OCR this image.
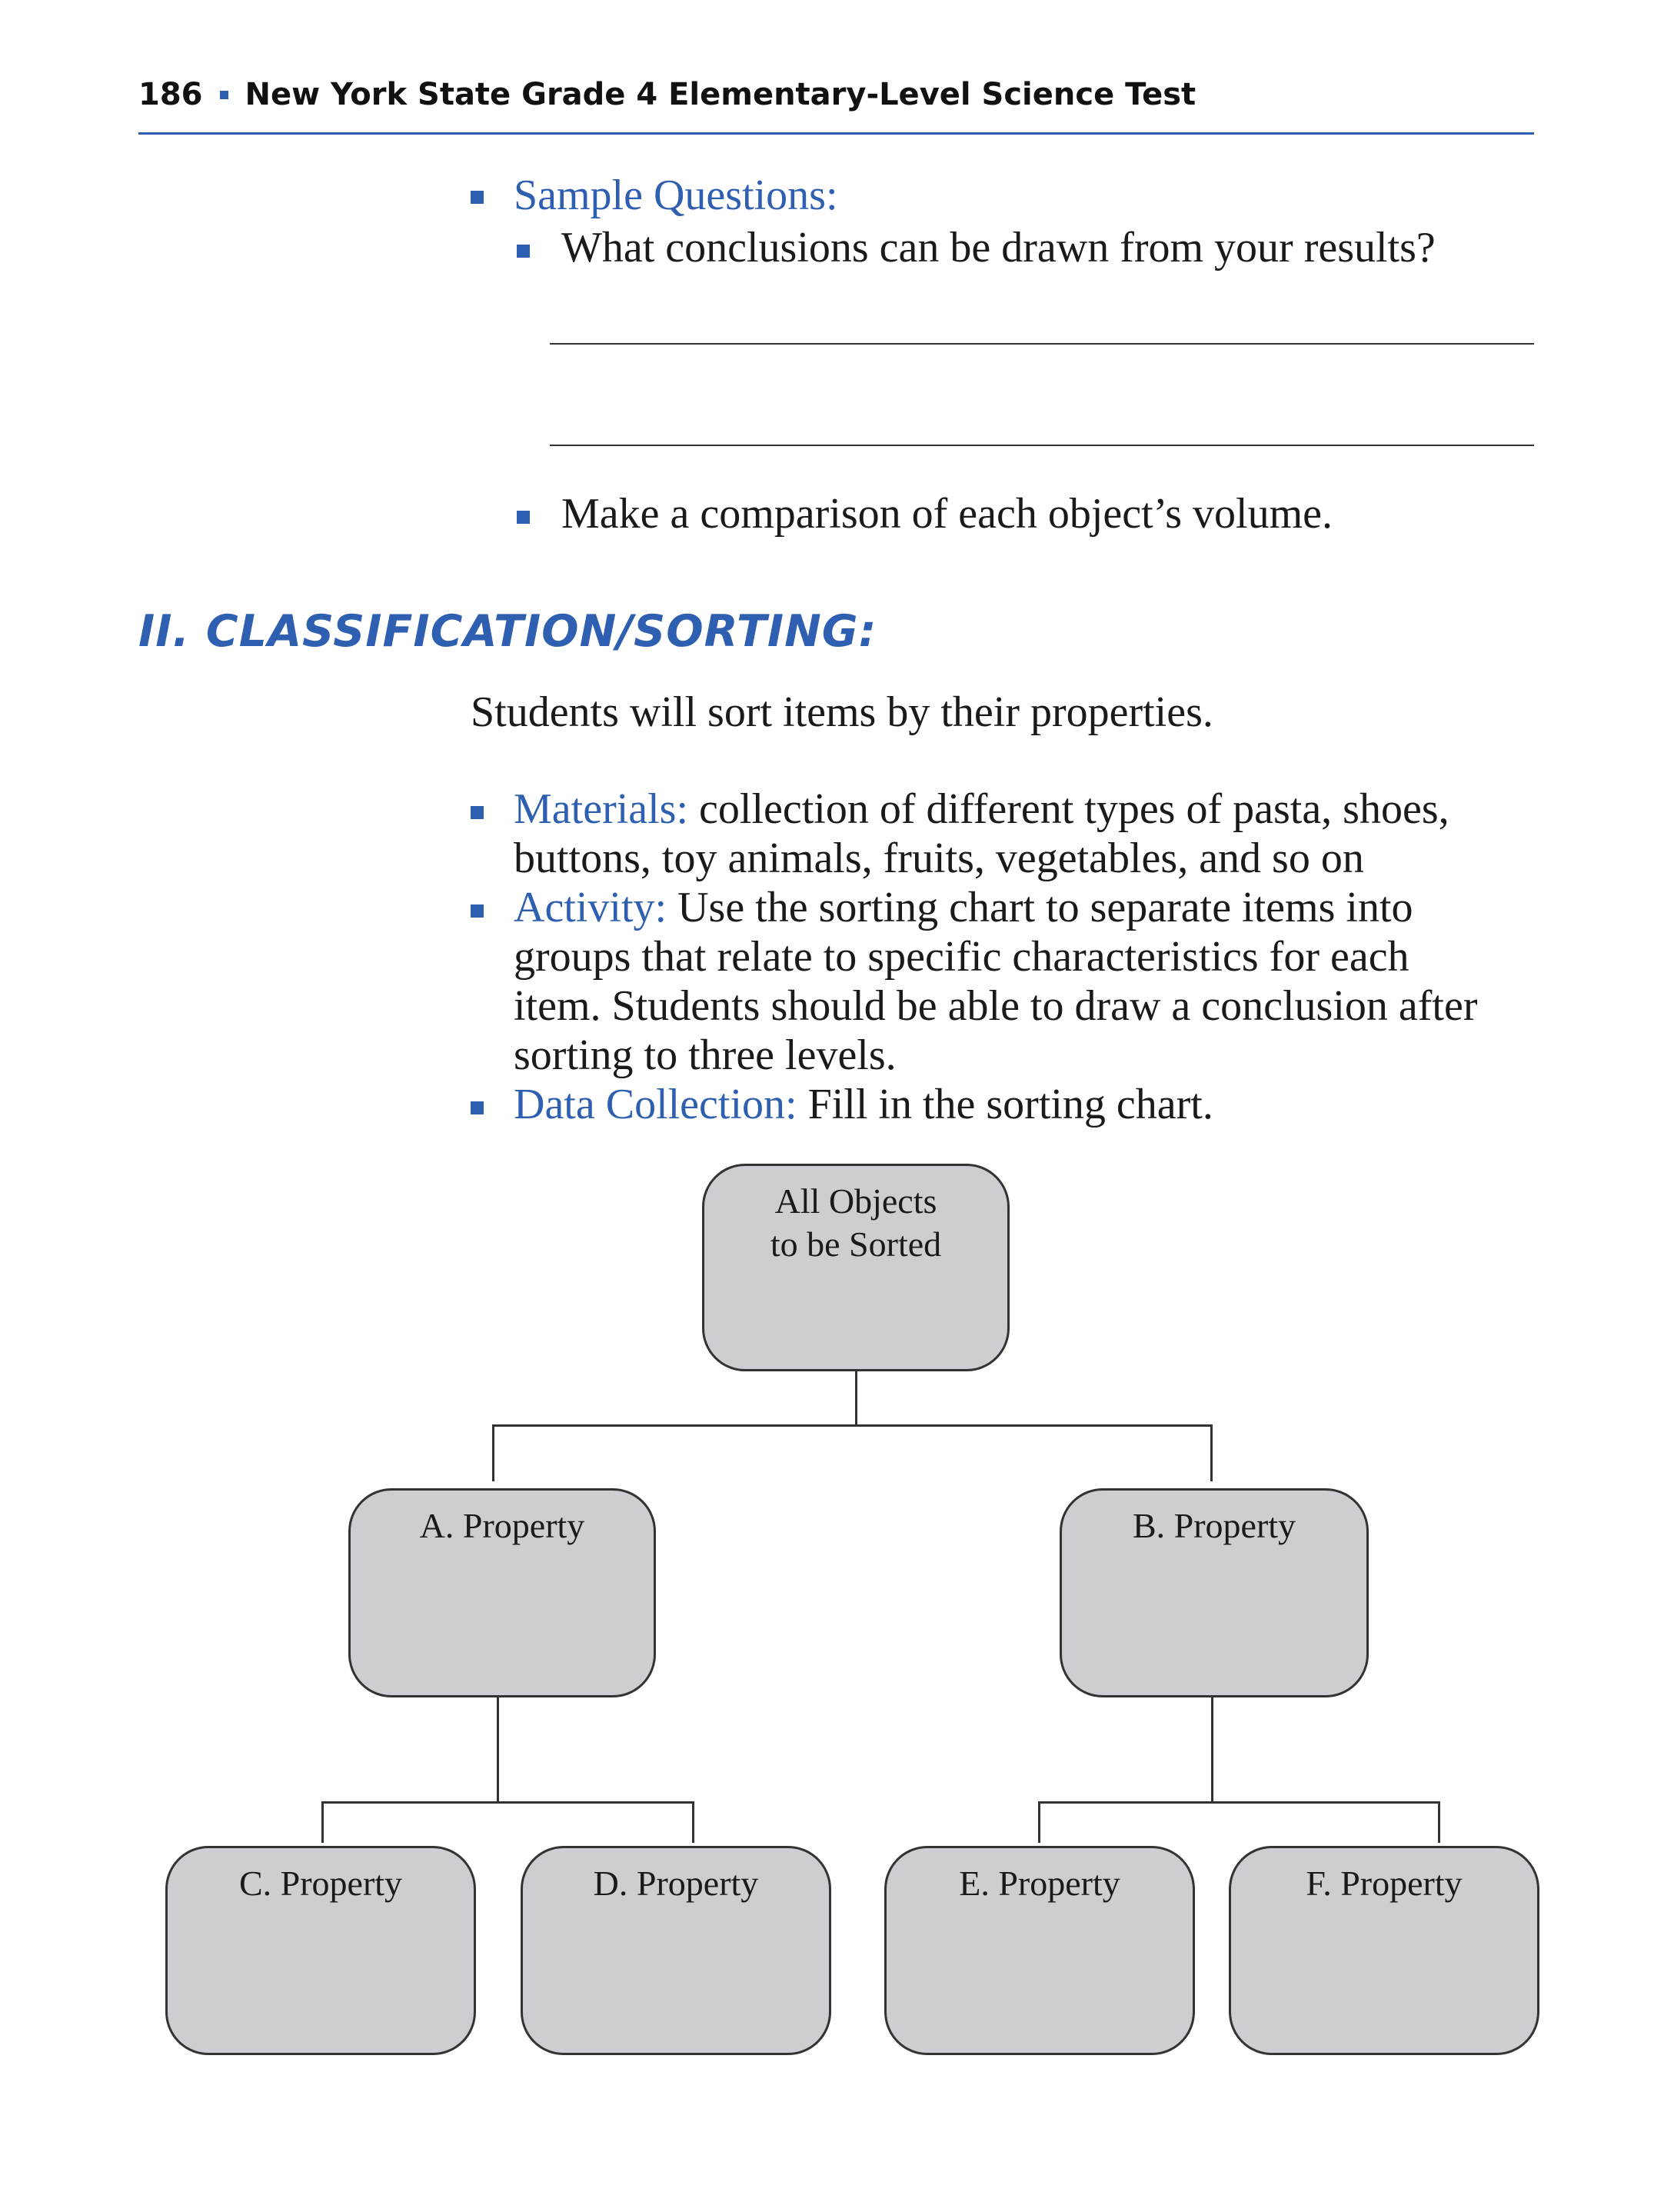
186 New York State Grade 4 Elementary-Level Science Test
Sample Questions:
What conclusions can be drawn from your results?
Make a comparison of each object’s volume.
II. CLASSIFICATION/SORTING:
Students will sort items by their properties.
Materials: collection of different types of pasta, shoes,
buttons, toy animals, fruits, vegetables, and so on
Activity: Use the sorting chart to separate items into
groups that relate to specific characteristics for each
item. Students should be able to draw a conclusion after
sorting to three levels.
Data Collection: Fill in the sorting chart.
All Objects
to be Sorted
A. Property	B. Property
C. Property	D. Property	E. Property	F. Property
